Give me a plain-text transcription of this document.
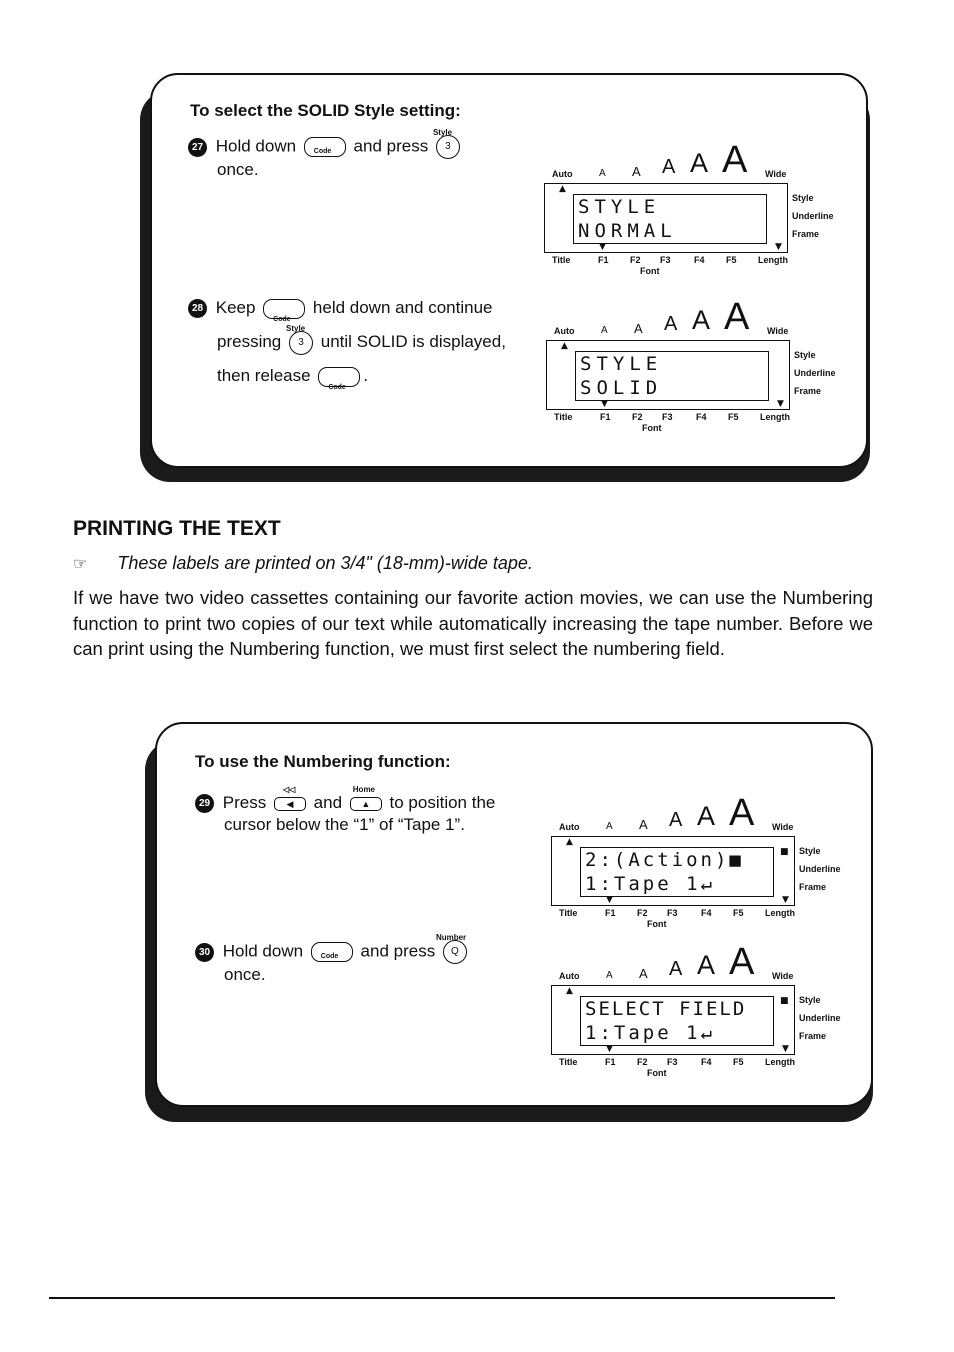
To select the SOLID Style setting:
27 Hold down	Code and press
Style
3
once.
28 Keep
Code
held down and continue
pressing
Style
3 until SOLID is displayed,
then release
Code
.
Auto	A A A A A Wide
▲
STYLE
NORMAL
▼	▼
Style
Underline
Frame
Title	F1 F2 F3	F4 F5 Length
Font
Auto	A A A A A Wide
▲
STYLE
SOLID
▼	▼
Style
Underline
Frame
Title	F1 F2 F3	F4 F5 Length
Font
PRINTING THE TEXT
☞ These labels are printed on 3/4" (18-mm)-wide tape.
If we have two video cassettes containing our favorite action movies, we can use the Numbering function to print two copies of our text while automatically increasing the tape number. Before we can print using the Numbering function, we must first select the numbering field.
To use the Numbering function:
29 Press
◁◁
◀ and
Home
▲ to position the
cursor below the “1” of “Tape 1”.
30 Hold down	Code and press
Number
Q
once.
Auto	A A A A A Wide
▲
2:(Action)■
1:Tape 1↵
■
▼	▼
Style
Underline
Frame
Title	F1 F2 F3	F4 F5 Length
Font
Auto	A A A A A Wide
▲
SELECT FIELD
1:Tape 1↵
■
▼	▼
Style
Underline
Frame
Title	F1 F2 F3	F4 F5 Length
Font
